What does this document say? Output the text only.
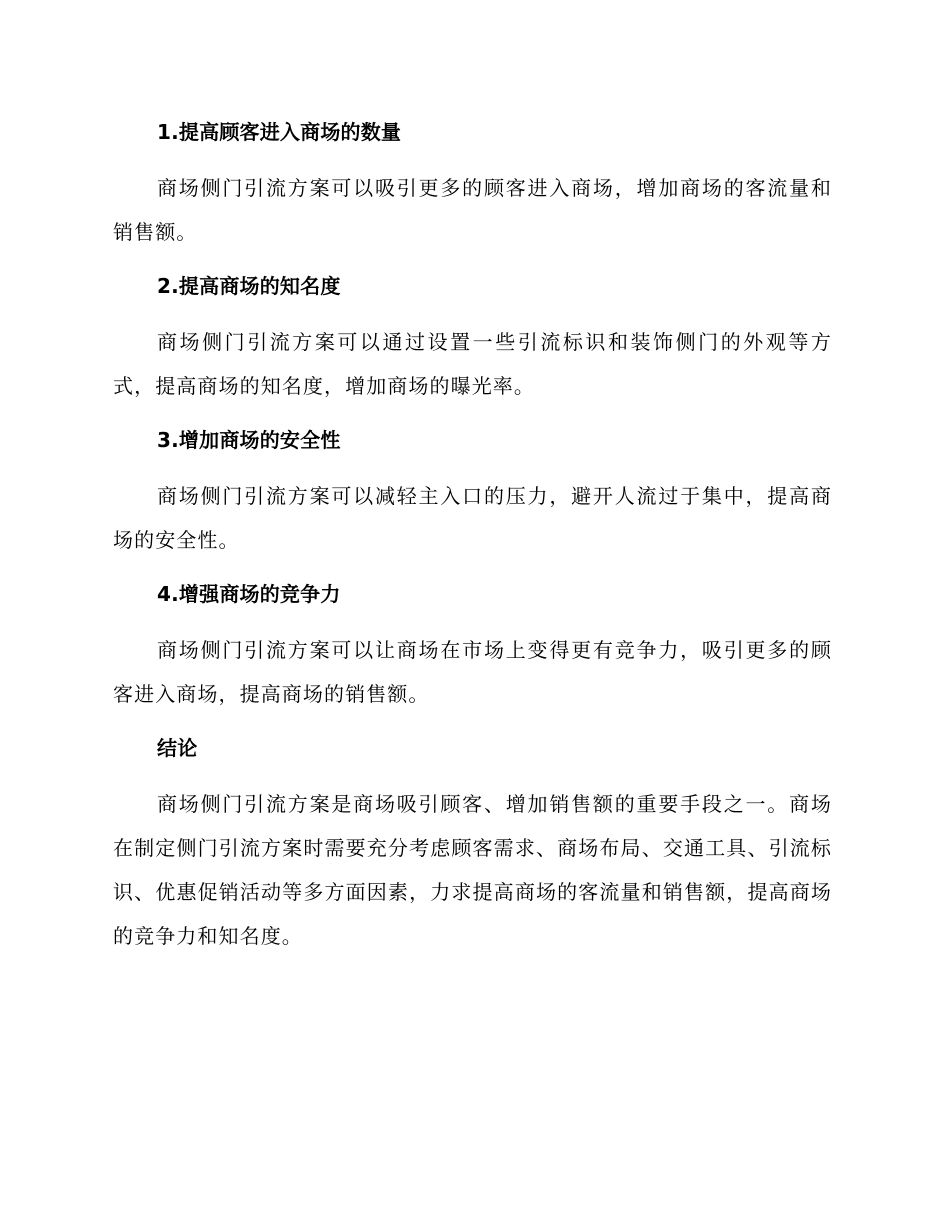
1.提高顾客进入商场的数量

商场侧门引流方案可以吸引更多的顾客进入商场，增加商场的客流量和销售额。

2.提高商场的知名度

商场侧门引流方案可以通过设置一些引流标识和装饰侧门的外观等方式，提高商场的知名度，增加商场的曝光率。

3.增加商场的安全性

商场侧门引流方案可以减轻主入口的压力，避开人流过于集中，提高商场的安全性。

4.增强商场的竞争力

商场侧门引流方案可以让商场在市场上变得更有竞争力，吸引更多的顾客进入商场，提高商场的销售额。

结论

商场侧门引流方案是商场吸引顾客、增加销售额的重要手段之一。商场在制定侧门引流方案时需要充分考虑顾客需求、商场布局、交通工具、引流标识、优惠促销活动等多方面因素，力求提高商场的客流量和销售额，提高商场的竞争力和知名度。
